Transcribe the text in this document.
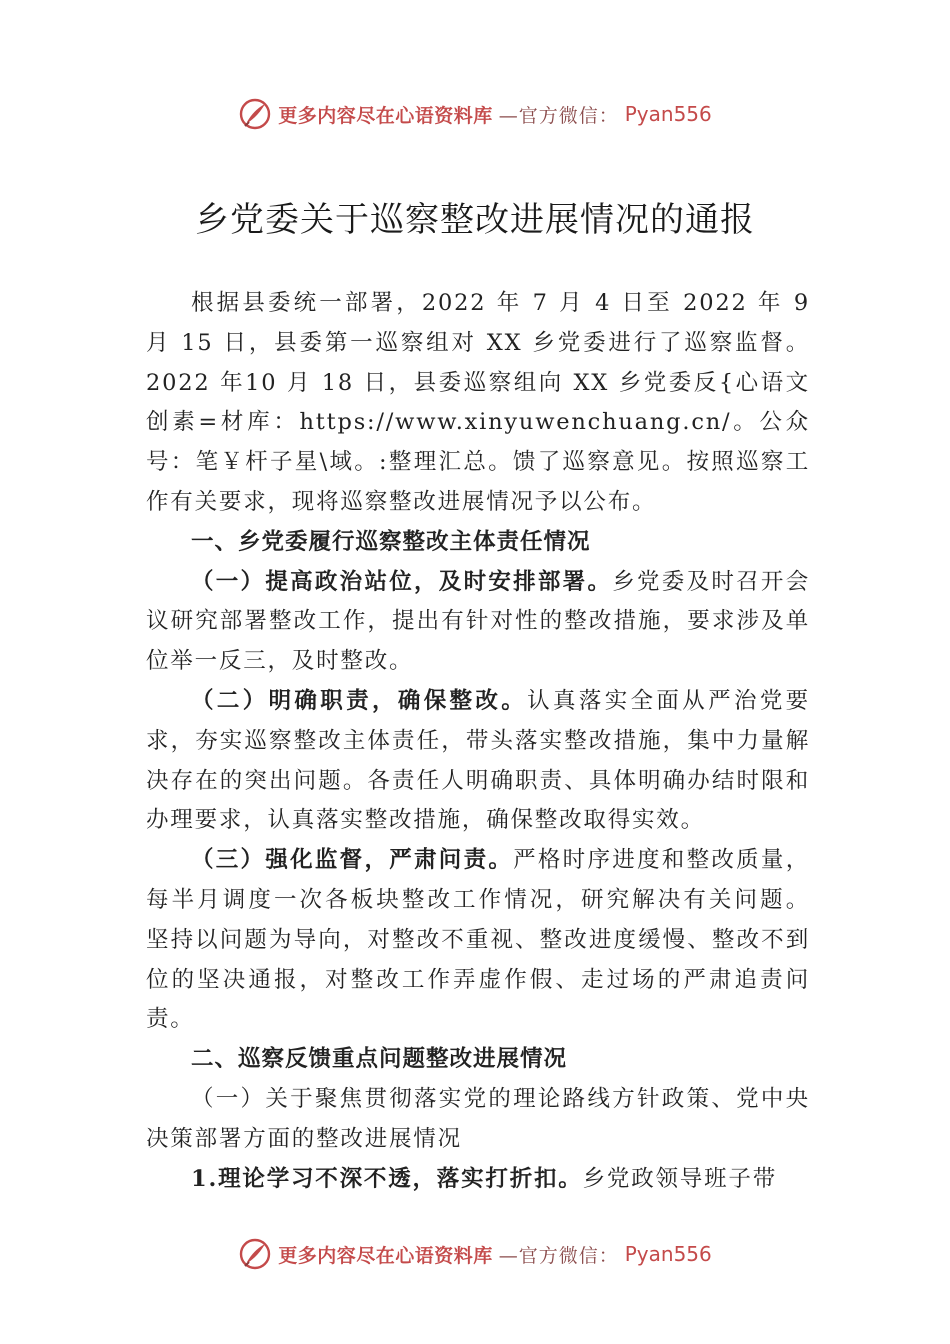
更多内容尽在心语资料库 —官方微信： Pyan556
乡党委关于巡察整改进展情况的通报

根据县委统一部署，2022 年 7 月 4 日至 2022 年 9 月 15 日，县委第一巡察组对 XX 乡党委进行了巡察监督。2022 年10 月 18 日，县委巡察组向 XX 乡党委反{心语文创素=材库：https://www.xinyuwenchuang.cn/。公众号：笔￥杆子星\域。:整理汇总。馈了巡察意见。按照巡察工作有关要求，现将巡察整改进展情况予以公布。

一、乡党委履行巡察整改主体责任情况

（一）提高政治站位，及时安排部署。乡党委及时召开会议研究部署整改工作，提出有针对性的整改措施，要求涉及单位举一反三，及时整改。

（二）明确职责，确保整改。认真落实全面从严治党要求，夯实巡察整改主体责任，带头落实整改措施，集中力量解决存在的突出问题。各责任人明确职责、具体明确办结时限和办理要求，认真落实整改措施，确保整改取得实效。

（三）强化监督，严肃问责。严格时序进度和整改质量，每半月调度一次各板块整改工作情况，研究解决有关问题。 坚持以问题为导向，对整改不重视、整改进度缓慢、整改不到位的坚决通报，对整改工作弄虚作假、走过场的严肃追责问责。

二、巡察反馈重点问题整改进展情况

（一）关于聚焦贯彻落实党的理论路线方针政策、党中央决策部署方面的整改进展情况

1.理论学习不深不透，落实打折扣。乡党政领导班子带

更多内容尽在心语资料库 —官方微信： Pyan556
